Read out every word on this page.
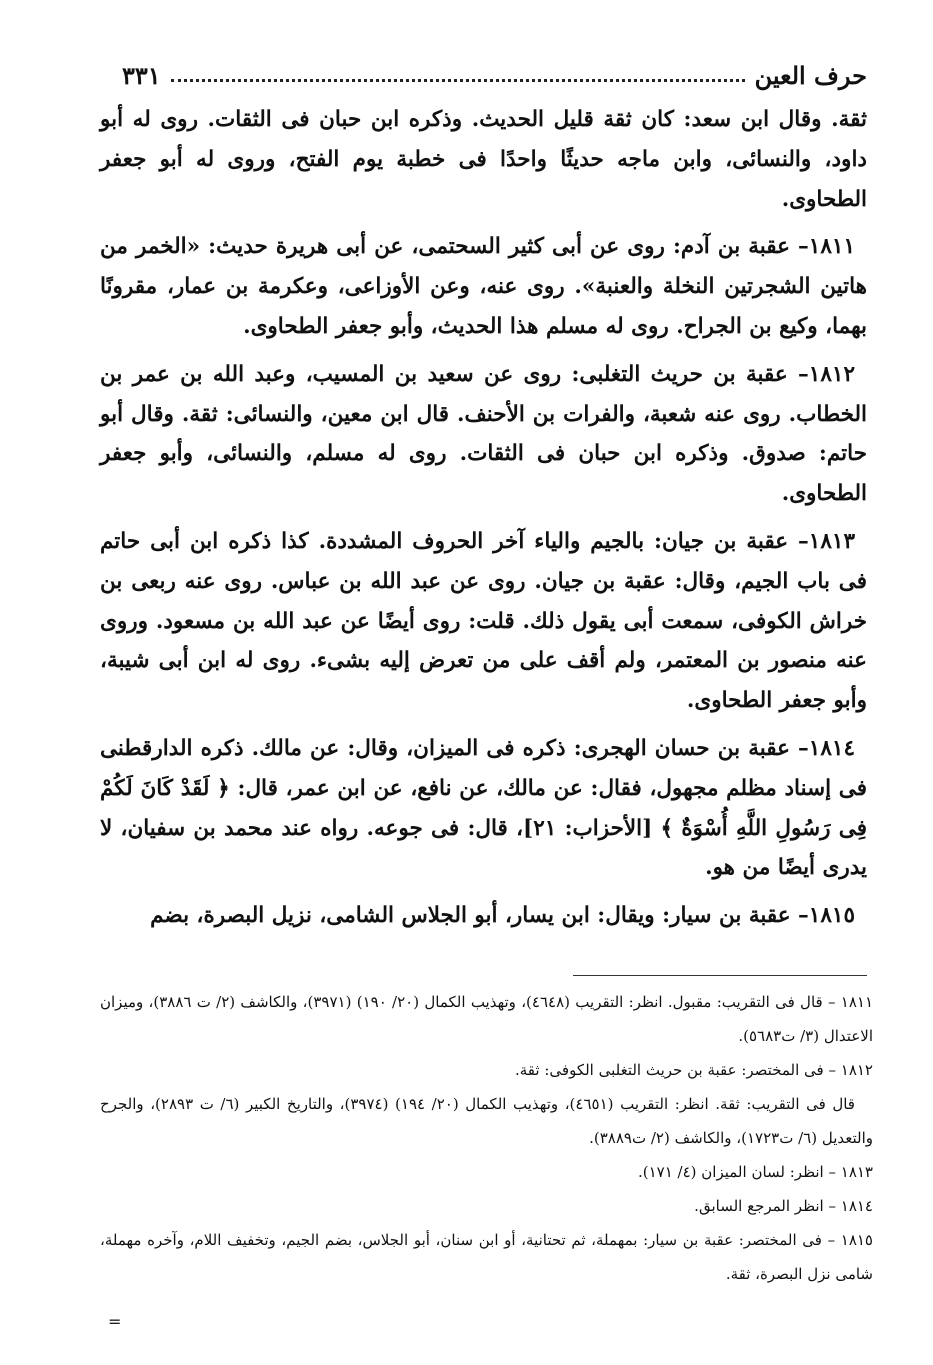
حرف العين
٣٣١

ثقة. وقال ابن سعد: كان ثقة قليل الحديث. وذكره ابن حبان فى الثقات. روى له أبو داود، والنسائى، وابن ماجه حديثًا واحدًا فى خطبة يوم الفتح، وروى له أبو جعفر الطحاوى.

١٨١١– عقبة بن آدم: روى عن أبى كثير السحتمى، عن أبى هريرة حديث: «الخمر من هاتين الشجرتين النخلة والعنبة». روى عنه، وعن الأوزاعى، وعكرمة بن عمار، مقرونًا بهما، وكيع بن الجراح. روى له مسلم هذا الحديث، وأبو جعفر الطحاوى.

١٨١٢– عقبة بن حريث التغلبى: روى عن سعيد بن المسيب، وعبد الله بن عمر بن الخطاب. روى عنه شعبة، والفرات بن الأحنف. قال ابن معين، والنسائى: ثقة. وقال أبو حاتم: صدوق. وذكره ابن حبان فى الثقات. روى له مسلم، والنسائى، وأبو جعفر الطحاوى.

١٨١٣– عقبة بن جيان: بالجيم والياء آخر الحروف المشددة. كذا ذكره ابن أبى حاتم فى باب الجيم، وقال: عقبة بن جيان. روى عن عبد الله بن عباس. روى عنه ربعى بن خراش الكوفى، سمعت أبى يقول ذلك. قلت: روى أيضًا عن عبد الله بن مسعود. وروى عنه منصور بن المعتمر، ولم أقف على من تعرض إليه بشىء. روى له ابن أبى شيبة، وأبو جعفر الطحاوى.

١٨١٤– عقبة بن حسان الهجرى: ذكره فى الميزان، وقال: عن مالك. ذكره الدارقطنى فى إسناد مظلم مجهول، فقال: عن مالك، عن نافع، عن ابن عمر، قال: ﴿ لَقَدْ كَانَ لَكُمْ فِى رَسُولِ اللَّهِ أُسْوَةٌ ﴾ [الأحزاب: ٢١]، قال: فى جوعه. رواه عند محمد بن سفيان، لا يدرى أيضًا من هو.

١٨١٥– عقبة بن سيار: ويقال: ابن يسار، أبو الجلاس الشامى، نزيل البصرة، بضم

١٨١١ – قال فى التقريب: مقبول. انظر: التقريب (٤٦٤٨)، وتهذيب الكمال (٢٠/ ١٩٠) (٣٩٧١)، والكاشف (٢/ ت ٣٨٨٦)، وميزان الاعتدال (٣/ ت٥٦٨٣).

١٨١٢ – فى المختصر: عقبة بن حريث التغلبى الكوفى: ثقة.

قال فى التقريب: ثقة. انظر: التقريب (٤٦٥١)، وتهذيب الكمال (٢٠/ ١٩٤) (٣٩٧٤)، والتاريخ الكبير (٦/ ت ٢٨٩٣)، والجرح والتعديل (٦/ ت١٧٢٣)، والكاشف (٢/ ت٣٨٨٩).

١٨١٣ – انظر: لسان الميزان (٤/ ١٧١).

١٨١٤ – انظر المرجع السابق.

١٨١٥ – فى المختصر: عقبة بن سيار: بمهملة، ثم تحتانية، أو ابن سنان، أبو الجلاس، بضم الجيم، وتخفيف اللام، وآخره مهملة، شامى نزل البصرة، ثقة.

=
